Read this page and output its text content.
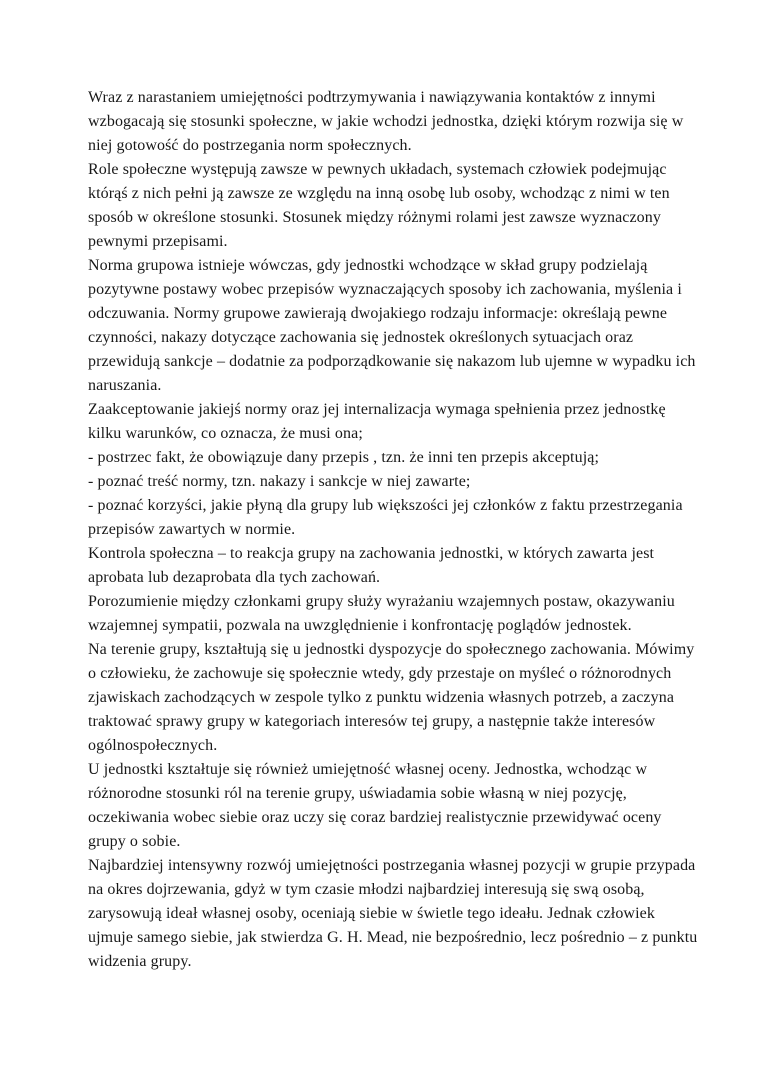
Wraz z narastaniem umiejętności podtrzymywania i nawiązywania kontaktów z innymi
wzbogacają się stosunki społeczne, w jakie wchodzi jednostka, dzięki którym rozwija się w
niej gotowość do postrzegania norm społecznych.
Role społeczne występują zawsze w pewnych układach, systemach człowiek podejmując
którąś z nich pełni ją zawsze ze względu na inną osobę lub osoby, wchodząc z nimi w ten
sposób w określone stosunki. Stosunek między różnymi rolami jest zawsze wyznaczony
pewnymi przepisami.
Norma grupowa istnieje wówczas, gdy jednostki wchodzące w skład grupy podzielają
pozytywne postawy wobec przepisów wyznaczających sposoby ich zachowania, myślenia i
odczuwania. Normy grupowe zawierają dwojakiego rodzaju informacje: określają pewne
czynności, nakazy dotyczące zachowania się jednostek określonych sytuacjach oraz
przewidują sankcje – dodatnie za podporządkowanie się nakazom lub ujemne w wypadku ich
naruszania.
Zaakceptowanie jakiejś normy oraz jej internalizacja wymaga spełnienia przez jednostkę
kilku warunków, co oznacza, że musi ona;
- postrzec fakt, że obowiązuje dany przepis , tzn. że inni ten przepis akceptują;
- poznać treść normy, tzn. nakazy i sankcje w niej zawarte;
- poznać korzyści, jakie płyną dla grupy lub większości jej członków z faktu przestrzegania
przepisów zawartych w normie.
Kontrola społeczna – to reakcja grupy na zachowania jednostki, w których zawarta jest
aprobata lub dezaprobata dla tych zachowań.
Porozumienie między członkami grupy służy wyrażaniu wzajemnych postaw, okazywaniu
wzajemnej sympatii, pozwala na uwzględnienie i konfrontację poglądów jednostek.
Na terenie grupy, kształtują się u jednostki dyspozycje do społecznego zachowania. Mówimy
o człowieku, że zachowuje się społecznie wtedy, gdy przestaje on myśleć o różnorodnych
zjawiskach zachodzących w zespole tylko z punktu widzenia własnych potrzeb, a zaczyna
traktować sprawy grupy w kategoriach interesów tej grupy, a następnie także interesów
ogólnospołecznych.
U jednostki kształtuje się również umiejętność własnej oceny. Jednostka, wchodząc w
różnorodne stosunki ról na terenie grupy, uświadamia sobie własną w niej pozycję,
oczekiwania wobec siebie oraz uczy się coraz bardziej realistycznie przewidywać oceny
grupy o sobie.
Najbardziej intensywny rozwój umiejętności postrzegania własnej pozycji w grupie przypada
na okres dojrzewania, gdyż w tym czasie młodzi najbardziej interesują się swą osobą,
zarysowują ideał własnej osoby, oceniają siebie w świetle tego ideału. Jednak człowiek
ujmuje samego siebie, jak stwierdza G. H. Mead, nie bezpośrednio, lecz pośrednio – z punktu
widzenia grupy.
